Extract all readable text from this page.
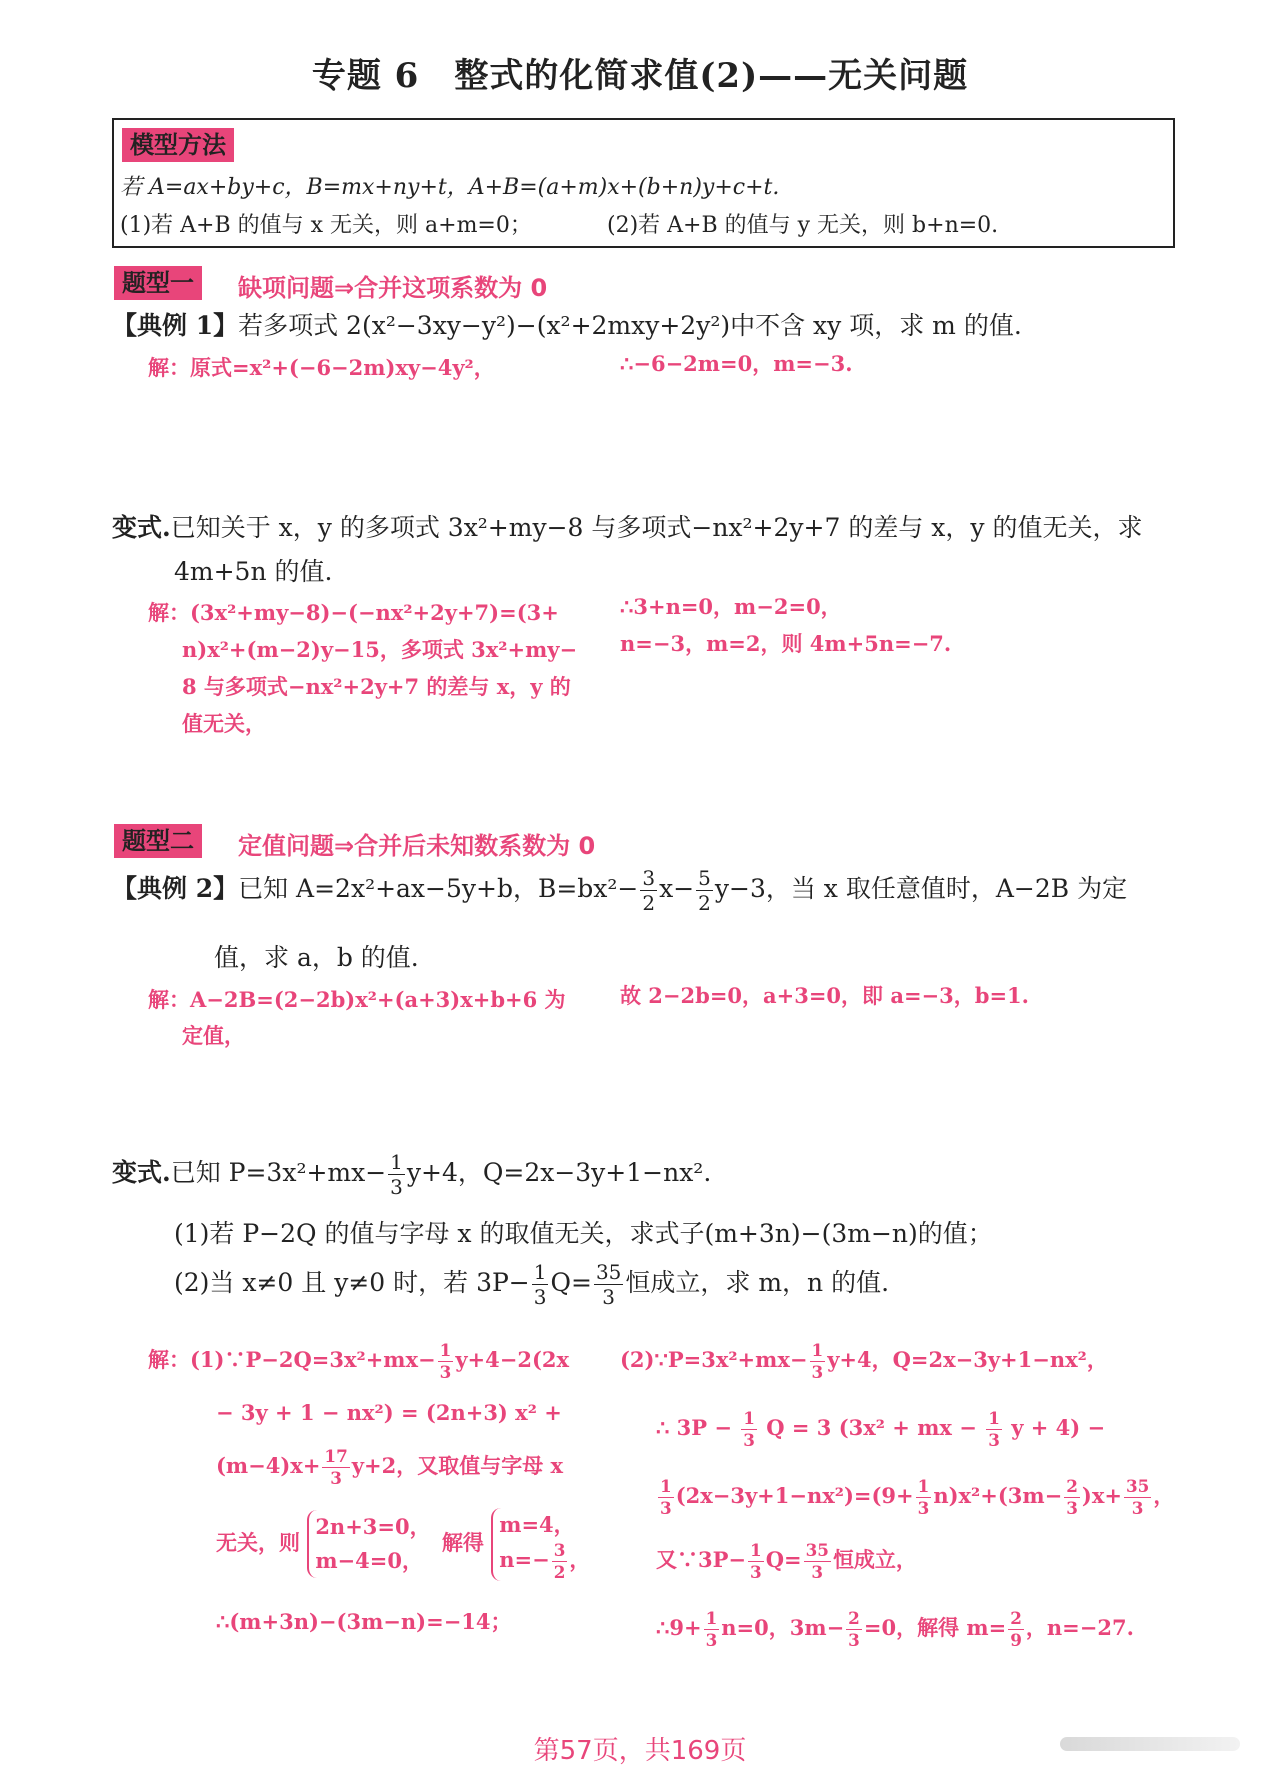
专题 6　整式的化简求值(2)——无关问题
模型方法
若 A=ax+by+c，B=mx+ny+t，A+B=(a+m)x+(b+n)y+c+t.
(1)若 A+B 的值与 x 无关，则 a+m=0；	(2)若 A+B 的值与 y 无关，则 b+n=0.
题型一	缺项问题⇒合并这项系数为 0
【典例 1】若多项式 2(x²−3xy−y²)−(x²+2mxy+2y²)中不含 xy 项，求 m 的值.
解：原式=x²+(−6−2m)xy−4y²，	∴−6−2m=0，m=−3.
变式.已知关于 x，y 的多项式 3x²+my−8 与多项式−nx²+2y+7 的差与 x，y 的值无关，求
4m+5n 的值.
解：(3x²+my−8)−(−nx²+2y+7)=(3+
n)x²+(m−2)y−15，多项式 3x²+my−
8 与多项式−nx²+2y+7 的差与 x，y 的
值无关，
∴3+n=0，m−2=0，
n=−3，m=2，则 4m+5n=−7.
题型二	定值问题⇒合并后未知数系数为 0
【典例 2】已知 A=2x²+ax−5y+b，$B=bx^2- \frac{3}{2} x- \frac{5}{2} y-3$，当 x 取任意值时，A−2B 为定
值，求 a，b 的值.
解：A−2B=(2−2b)x²+(a+3)x+b+6 为
定值，
故 2−2b=0，a+3=0，即 a=−3，b=1.
变式.已知 $P=3x^2+mx- \frac{1}{3} y+4$，Q=2x−3y+1−nx².
(1)若 P−2Q 的值与字母 x 的取值无关，求式子(m+3n)−(3m−n)的值；
(2)当 x≠0 且 y≠0 时，若 $3P- \frac{1}{3} Q= \frac{35}{3}$ 恒成立，求 m，n 的值.
解：(1)∵P−2Q=3x²+mx− $\frac{1}{3} y+4-2(2x$
− 3y + 1 − nx²) = (2n+3) x² +
$(m-4)x+ \frac{17}{3} y+2$，又取值与字母 x
无关，则 2n+3=0，
m−4=0， 解得 m=4，
$n=- \frac{3}{2}$ ，
∴(m+3n)−(3m−n)=−14；
(2)∵P=3x²+mx− $\frac{1}{3} y+4$，Q=2x−3y+1−nx²，
∴ $3P - \frac{1}{3}$ Q = 3 (3x² + mx − $\frac{1}{3}$ y + 4) −
$\frac{1}{3} (2x-3y+1-nx^2)=(9+ \frac{1}{3} n)x^2+(3m- \frac{2}{3} )x+ \frac{35}{3}$ ，
又∵3P− $\frac{1}{3} Q= \frac{35}{3}$ 恒成立，
∴9+ $\frac{1}{3} n=0$，$3m- \frac{2}{3} =0$，解得 $m= \frac{2}{9}$ ，n=−27.
第57页，共169页
